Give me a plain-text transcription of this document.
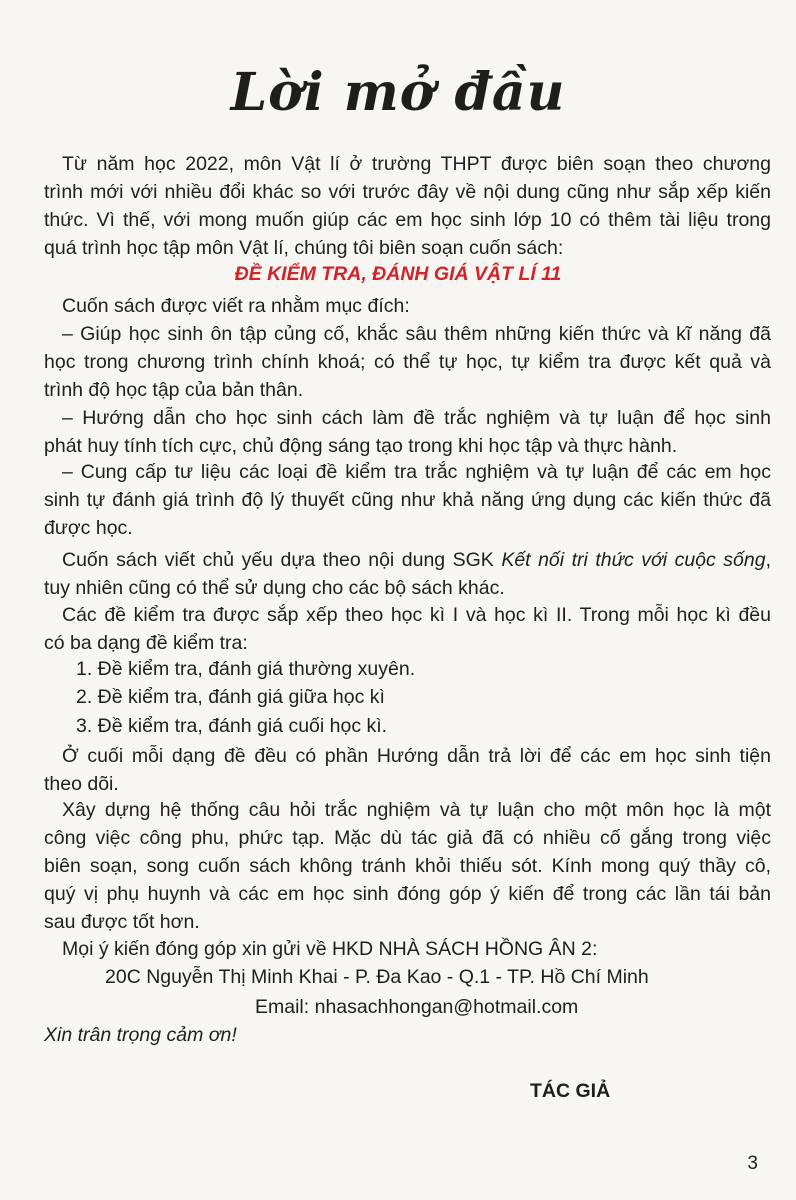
Lời mở đầu
Từ năm học 2022, môn Vật lí ở trường THPT được biên soạn theo chương
trình mới với nhiều đổi khác so với trước đây về nội dung cũng như sắp xếp kiến
thức. Vì thế, với mong muốn giúp các em học sinh lớp 10 có thêm tài liệu trong
quá trình học tập môn Vật lí, chúng tôi biên soạn cuốn sách:
ĐỀ KIỂM TRA, ĐÁNH GIÁ VẬT LÍ 11
Cuốn sách được viết ra nhằm mục đích:
– Giúp học sinh ôn tập củng cố, khắc sâu thêm những kiến thức và kĩ năng đã
học trong chương trình chính khoá; có thể tự học, tự kiểm tra được kết quả và
trình độ học tập của bản thân.
– Hướng dẫn cho học sinh cách làm đề trắc nghiệm và tự luận để học sinh
phát huy tính tích cực, chủ động sáng tạo trong khi học tập và thực hành.
– Cung cấp tư liệu các loại đề kiểm tra trắc nghiệm và tự luận để các em học
sinh tự đánh giá trình độ lý thuyết cũng như khả năng ứng dụng các kiến thức đã
được học.
Cuốn sách viết chủ yếu dựa theo nội dung SGK Kết nối tri thức với cuộc sống,
tuy nhiên cũng có thể sử dụng cho các bộ sách khác.
Các đề kiểm tra được sắp xếp theo học kì I và học kì II. Trong mỗi học kì đều
có ba dạng đề kiểm tra:
1. Đề kiểm tra, đánh giá thường xuyên.
2. Đề kiểm tra, đánh giá giữa học kì
3. Đề kiểm tra, đánh giá cuối học kì.
Ở cuối mỗi dạng đề đều có phần Hướng dẫn trả lời để các em học sinh tiện
theo dõi.
Xây dựng hệ thống câu hỏi trắc nghiệm và tự luận cho một môn học là một
công việc công phu, phức tạp. Mặc dù tác giả đã có nhiều cố gắng trong việc
biên soạn, song cuốn sách không tránh khỏi thiếu sót. Kính mong quý thầy cô,
quý vị phụ huynh và các em học sinh đóng góp ý kiến để trong các lần tái bản
sau được tốt hơn.
Mọi ý kiến đóng góp xin gửi về HKD NHÀ SÁCH HỒNG ÂN 2:
20C Nguyễn Thị Minh Khai - P. Đa Kao - Q.1 - TP. Hồ Chí Minh
Email: nhasachhongan@hotmail.com
Xin trân trọng cảm ơn!
TÁC GIẢ
3
